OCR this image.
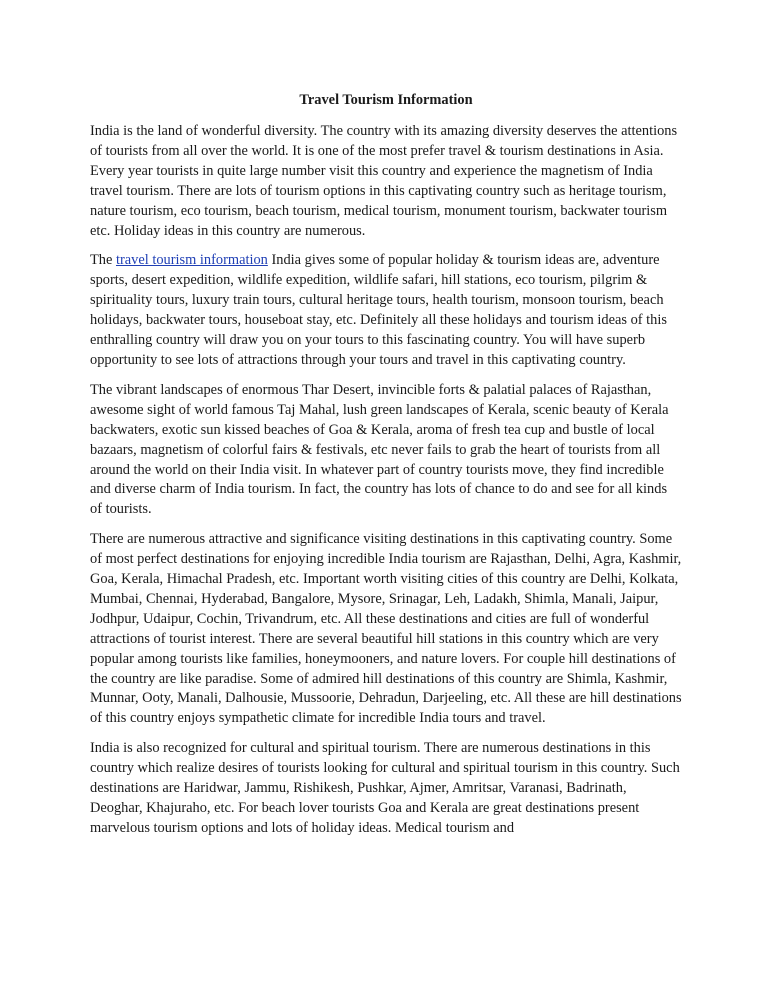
Travel Tourism Information

India is the land of wonderful diversity. The country with its amazing diversity deserves the attentions of tourists from all over the world. It is one of the most prefer travel & tourism destinations in Asia. Every year tourists in quite large number visit this country and experience the magnetism of India travel tourism. There are lots of tourism options in this captivating country such as heritage tourism, nature tourism, eco tourism, beach tourism, medical tourism, monument tourism, backwater tourism etc. Holiday ideas in this country are numerous.

The travel tourism information India gives some of popular holiday & tourism ideas are, adventure sports, desert expedition, wildlife expedition, wildlife safari, hill stations, eco tourism, pilgrim & spirituality tours, luxury train tours, cultural heritage tours, health tourism, monsoon tourism, beach holidays, backwater tours, houseboat stay, etc. Definitely all these holidays and tourism ideas of this enthralling country will draw you on your tours to this fascinating country. You will have superb opportunity to see lots of attractions through your tours and travel in this captivating country.

The vibrant landscapes of enormous Thar Desert, invincible forts & palatial palaces of Rajasthan, awesome sight of world famous Taj Mahal, lush green landscapes of Kerala, scenic beauty of Kerala backwaters, exotic sun kissed beaches of Goa & Kerala, aroma of fresh tea cup and bustle of local bazaars, magnetism of colorful fairs & festivals, etc never fails to grab the heart of tourists from all around the world on their India visit. In whatever part of country tourists move, they find incredible and diverse charm of India tourism. In fact, the country has lots of chance to do and see for all kinds of tourists.

There are numerous attractive and significance visiting destinations in this captivating country. Some of most perfect destinations for enjoying incredible India tourism are Rajasthan, Delhi, Agra, Kashmir, Goa, Kerala, Himachal Pradesh, etc. Important worth visiting cities of this country are Delhi, Kolkata, Mumbai, Chennai, Hyderabad, Bangalore, Mysore, Srinagar, Leh, Ladakh, Shimla, Manali, Jaipur, Jodhpur, Udaipur, Cochin, Trivandrum, etc. All these destinations and cities are full of wonderful attractions of tourist interest. There are several beautiful hill stations in this country which are very popular among tourists like families, honeymooners, and nature lovers. For couple hill destinations of the country are like paradise. Some of admired hill destinations of this country are Shimla, Kashmir, Munnar, Ooty, Manali, Dalhousie, Mussoorie, Dehradun, Darjeeling, etc. All these are hill destinations of this country enjoys sympathetic climate for incredible India tours and travel.

India is also recognized for cultural and spiritual tourism. There are numerous destinations in this country which realize desires of tourists looking for cultural and spiritual tourism in this country. Such destinations are Haridwar, Jammu, Rishikesh, Pushkar, Ajmer, Amritsar, Varanasi, Badrinath, Deoghar, Khajuraho, etc. For beach lover tourists Goa and Kerala are great destinations present marvelous tourism options and lots of holiday ideas. Medical tourism and
